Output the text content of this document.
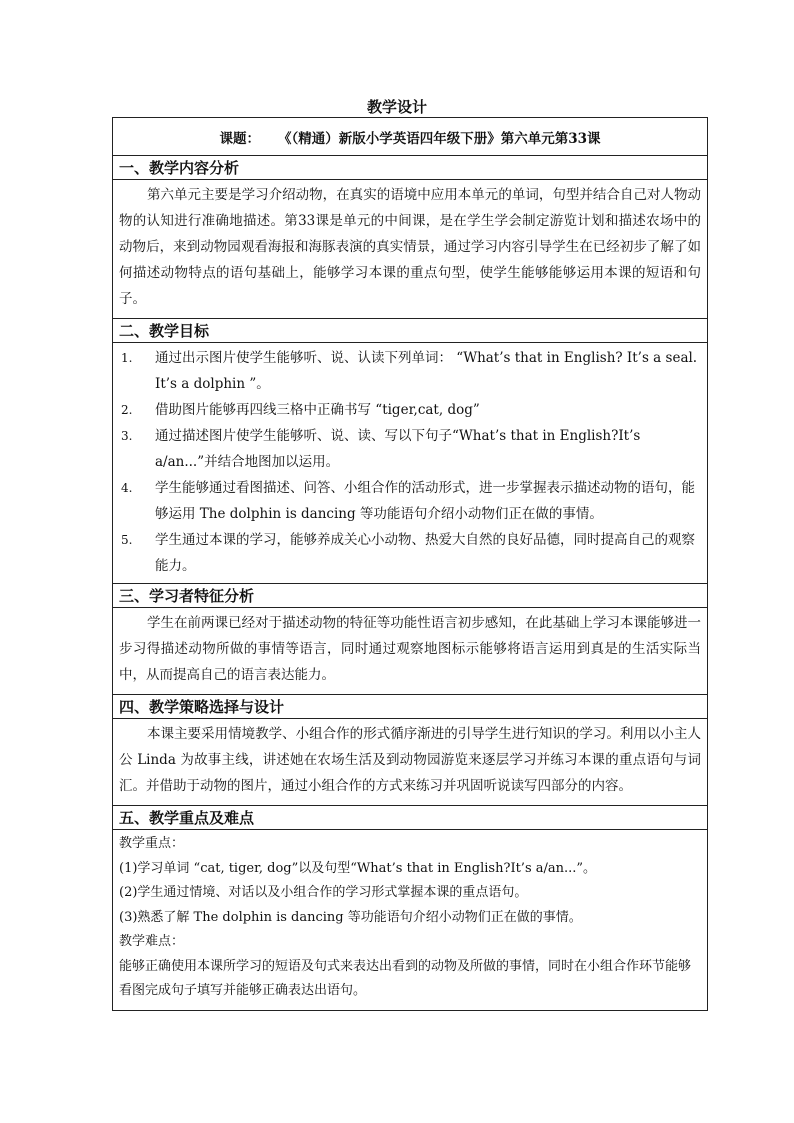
教学设计
课题： 《（精通）新版小学英语四年级下册》第六单元第33课
一、教学内容分析
第六单元主要是学习介绍动物，在真实的语境中应用本单元的单词，句型并结合自己对人物动物的认知进行准确地描述。第33课是单元的中间课，是在学生学会制定游览计划和描述农场中的动物后，来到动物园观看海报和海豚表演的真实情景，通过学习内容引导学生在已经初步了解了如何描述动物特点的语句基础上，能够学习本课的重点句型，使学生能够能够运用本课的短语和句子。
二、教学目标
1. 通过出示图片使学生能够听、说、认读下列单词： “What’s that in English? It’s a seal. It’s a dolphin ”。
2. 借助图片能够再四线三格中正确书写 “tiger,cat, dog”
3. 通过描述图片使学生能够听、说、读、写以下句子“What’s that in English?It’s a/an...”并结合地图加以运用。
4. 学生能够通过看图描述、问答、小组合作的活动形式，进一步掌握表示描述动物的语句，能够运用 The dolphin is dancing 等功能语句介绍小动物们正在做的事情。
5. 学生通过本课的学习，能够养成关心小动物、热爱大自然的良好品德，同时提高自己的观察　能力。
三、学习者特征分析
学生在前两课已经对于描述动物的特征等功能性语言初步感知，在此基础上学习本课能够进一步习得描述动物所做的事情等语言，同时通过观察地图标示能够将语言运用到真是的生活实际当中，从而提高自己的语言表达能力。
四、教学策略选择与设计
本课主要采用情境教学、小组合作的形式循序渐进的引导学生进行知识的学习。利用以小主人公 Linda 为故事主线，讲述她在农场生活及到动物园游览来逐层学习并练习本课的重点语句与词汇。并借助于动物的图片，通过小组合作的方式来练习并巩固听说读写四部分的内容。
五、教学重点及难点
教学重点：
(1)学习单词 “cat, tiger, dog”以及句型“What’s that in English?It’s a/an...”。
(2)学生通过情境、对话以及小组合作的学习形式掌握本课的重点语句。
(3)熟悉了解 The dolphin is dancing 等功能语句介绍小动物们正在做的事情。
教学难点：
能够正确使用本课所学习的短语及句式来表达出看到的动物及所做的事情，同时在小组合作环节能够看图完成句子填写并能够正确表达出语句。
